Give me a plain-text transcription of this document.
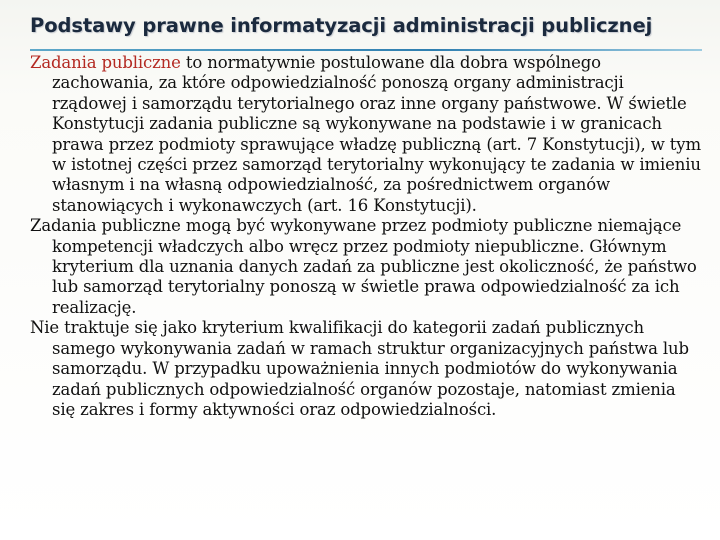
Podstawy prawne informatyzacji administracji publicznej

Zadania publiczne to normatywnie postulowane dla dobra wspólnego zachowania, za które odpowiedzialność ponoszą organy administracji rządowej i samorządu terytorialnego oraz inne organy państwowe. W świetle Konstytucji zadania publiczne są wykonywane na podstawie i w granicach prawa przez podmioty sprawujące władzę publiczną (art. 7 Konstytucji), w tym w istotnej części przez samorząd terytorialny wykonujący te zadania w imieniu własnym i na własną odpowiedzialność, za pośrednictwem organów stanowiących i wykonawczych (art. 16 Konstytucji).

Zadania publiczne mogą być wykonywane przez podmioty publiczne niemające kompetencji władczych albo wręcz przez podmioty niepubliczne. Głównym kryterium dla uznania danych zadań za publiczne jest okoliczność, że państwo lub samorząd terytorialny ponoszą w świetle prawa odpowiedzialność za ich realizację.

Nie traktuje się jako kryterium kwalifikacji do kategorii zadań publicznych samego wykonywania zadań w ramach struktur organizacyjnych państwa lub samorządu. W przypadku upoważnienia innych podmiotów do wykonywania zadań publicznych odpowiedzialność organów pozostaje, natomiast zmienia się zakres i formy aktywności oraz odpowiedzialności.
